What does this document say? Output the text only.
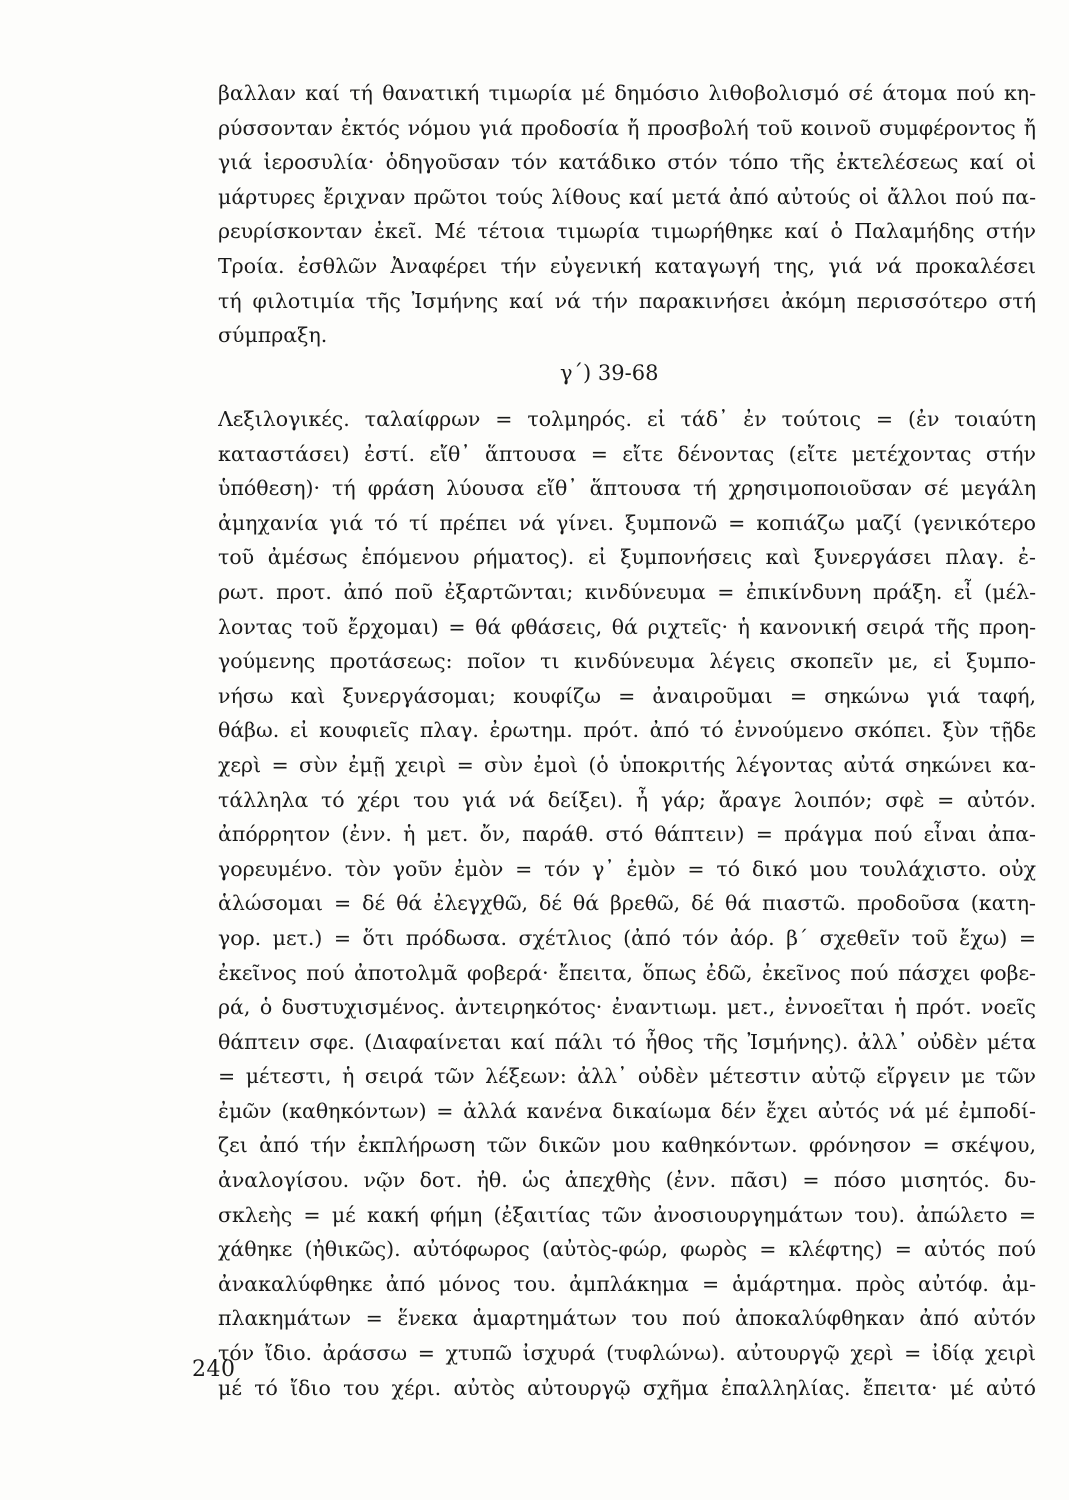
βαλλαν καί τή θανατική τιμωρία μέ δημόσιο λιθοβολισμό σέ άτομα πού κη-
ρύσσονταν ἐκτός νόμου γιά προδοσία ἤ προσβολή τοῦ κοινοῦ συμφέροντος ἤ
γιά ἱεροσυλία· ὁδηγοῦσαν τόν κατάδικο στόν τόπο τῆς ἐκτελέσεως καί οἱ
μάρτυρες ἔριχναν πρῶτοι τούς λίθους καί μετά ἀπό αὐτούς οἱ ἄλλοι πού πα-
ρευρίσκονταν ἐκεῖ. Μέ τέτοια τιμωρία τιμωρήθηκε καί ὁ Παλαμήδης στήν
Τροία. ἐσθλῶν Ἀναφέρει τήν εὐγενική καταγωγή της, γιά νά προκαλέσει
τή φιλοτιμία τῆς Ἰσμήνης καί νά τήν παρακινήσει ἀκόμη περισσότερο στή
σύμπραξη.
γ´) 39-68
Λεξιλογικές. ταλαίφρων = τολμηρός. εἰ τάδ᾽ ἐν τούτοις = (ἐν τοιαύτη
καταστάσει) ἐστί. εἴθ᾽ ἅπτουσα = εἴτε δένοντας (εἴτε μετέχοντας στήν
ὑπόθεση)· τή φράση λύουσα εἴθ᾽ ἅπτουσα τή χρησιμοποιοῦσαν σέ μεγάλη
ἀμηχανία γιά τό τί πρέπει νά γίνει. ξυμπονῶ = κοπιάζω μαζί (γενικότερο
τοῦ ἀμέσως ἑπόμενου ρήματος). εἰ ξυμπονήσεις καὶ ξυνεργάσει πλαγ. ἐ-
ρωτ. προτ. ἀπό ποῦ ἐξαρτῶνται; κινδύνευμα = ἐπικίνδυνη πράξη. εἶ (μέλ-
λοντας τοῦ ἔρχομαι) = θά φθάσεις, θά ριχτεῖς· ἡ κανονική σειρά τῆς προη-
γούμενης προτάσεως: ποῖον τι κινδύνευμα λέγεις σκοπεῖν με, εἰ ξυμπο-
νήσω καὶ ξυνεργάσομαι; κουφίζω = ἀναιροῦμαι = σηκώνω γιά ταφή,
θάβω. εἰ κουφιεῖς πλαγ. ἐρωτημ. πρότ. ἀπό τό ἐννούμενο σκόπει. ξὺν τῇδε
χερὶ = σὺν ἐμῇ χειρὶ = σὺν ἐμοὶ (ὁ ὑποκριτής λέγοντας αὐτά σηκώνει κα-
τάλληλα τό χέρι του γιά νά δείξει). ἦ γάρ; ἄραγε λοιπόν; σφὲ = αὐτόν.
ἀπόρρητον (ἐνν. ἡ μετ. ὄν, παράθ. στό θάπτειν) = πράγμα πού εἶναι ἀπα-
γορευμένο. τὸν γοῦν ἐμὸν = τόν γ᾽ ἐμὸν = τό δικό μου τουλάχιστο. οὐχ
ἁλώσομαι = δέ θά ἐλεγχθῶ, δέ θά βρεθῶ, δέ θά πιαστῶ. προδοῦσα (κατη-
γορ. μετ.) = ὅτι πρόδωσα. σχέτλιος (ἀπό τόν ἀόρ. β´ σχεθεῖν τοῦ ἔχω) =
ἐκεῖνος πού ἀποτολμᾶ φοβερά· ἔπειτα, ὅπως ἐδῶ, ἐκεῖνος πού πάσχει φοβε-
ρά, ὁ δυστυχισμένος. ἀντειρηκότος· ἐναντιωμ. μετ., ἐννοεῖται ἡ πρότ. νοεῖς
θάπτειν σφε. (Διαφαίνεται καί πάλι τό ἦθος τῆς Ἰσμήνης). ἀλλ᾽ οὐδὲν μέτα
= μέτεστι, ἡ σειρά τῶν λέξεων: ἀλλ᾽ οὐδὲν μέτεστιν αὐτῷ εἴργειν με τῶν
ἐμῶν (καθηκόντων) = ἀλλά κανένα δικαίωμα δέν ἔχει αὐτός νά μέ ἐμποδί-
ζει ἀπό τήν ἐκπλήρωση τῶν δικῶν μου καθηκόντων. φρόνησον = σκέψου,
ἀναλογίσου. νῷν δοτ. ἠθ. ὡς ἀπεχθὴς (ἐνν. πᾶσι) = πόσο μισητός. δυ-
σκλεὴς = μέ κακή φήμη (ἐξαιτίας τῶν ἀνοσιουργημάτων του). ἀπώλετο =
χάθηκε (ἠθικῶς). αὐτόφωρος (αὐτὸς-φώρ, φωρὸς = κλέφτης) = αὐτός πού
ἀνακαλύφθηκε ἀπό μόνος του. ἀμπλάκημα = ἁμάρτημα. πρὸς αὐτόφ. ἀμ-
πλακημάτων = ἕνεκα ἁμαρτημάτων του πού ἀποκαλύφθηκαν ἀπό αὐτόν
τόν ἴδιο. ἀράσσω = χτυπῶ ἰσχυρά (τυφλώνω). αὐτουργῷ χερὶ = ἰδίᾳ χειρὶ
μέ τό ἴδιο του χέρι. αὐτὸς αὐτουργῷ σχῆμα ἐπαλληλίας. ἔπειτα· μέ αὐτό
240
